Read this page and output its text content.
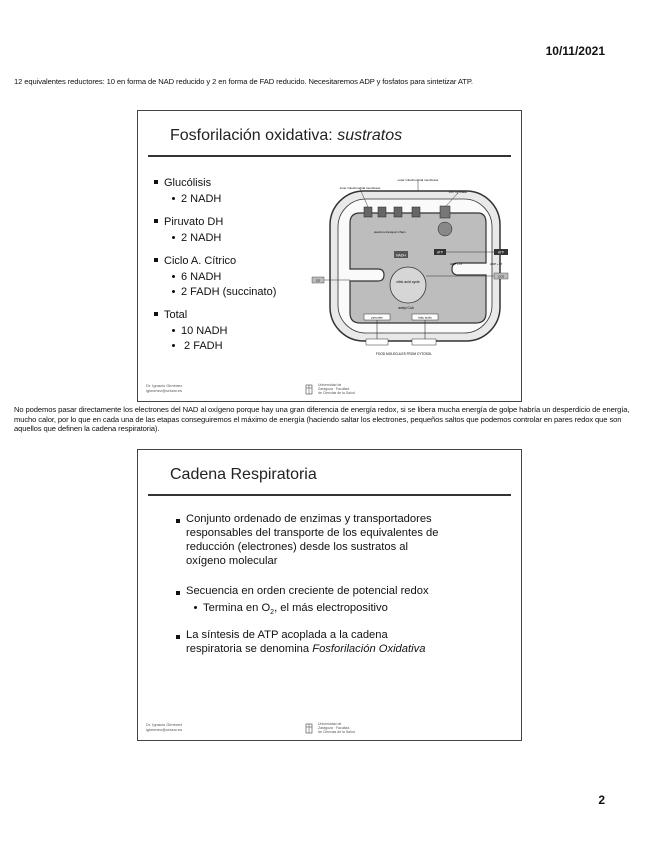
10/11/2021
12 equivalentes reductores: 10 en forma de NAD reducido y 2 en forma de FAD reducido. Necesitaremos ADP y fosfatos para sintetizar ATP.
Fosforilación oxidativa: sustratos
Glucólisis
2 NADH
Piruvato DH
2 NADH
Ciclo A. Cítrico
6 NADH
2 FADH (succinato)
Total
10 NADH
2 FADH
NADH
citric acid cycle
acetyl CoA
pyruvate	fatty acids
FOOD MOLECULES FROM CYTOSOL
ATP	ATP
ADP + Pi	ADP + Pi
O2
CO2
outer mitochondrial membrane
inner mitochondrial membrane
ATP synthase
electron-transport chain
Dr. Ignacio Giménez
igimenez@unizar.es
Universidad de
Zaragoza · Facultad
de Ciencias de la Salud
No podemos pasar directamente los electrones del NAD al oxígeno porque hay una gran diferencia de energía redox, si se libera mucha energía de golpe habría un desperdicio de energía, mucho calor, por lo que en cada una de las etapas conseguiremos el máximo de energía (haciendo saltar los electrones, pequeños saltos que podemos controlar en pares redox que son aquellos que definen la cadena respiratoria).
Cadena Respiratoria
Conjunto ordenado de enzimas y transportadores
responsables del transporte de los equivalentes de
reducción (electrones) desde los sustratos al
oxígeno molecular
Secuencia en orden creciente de potencial redox
Termina en $O_2$, el más electropositivo
La síntesis de ATP acoplada a la cadena
respiratoria se denomina Fosforilación Oxidativa
Dr. Ignacio Giménez
igimenez@unizar.es
Universidad de
Zaragoza · Facultad
de Ciencias de la Salud
2
